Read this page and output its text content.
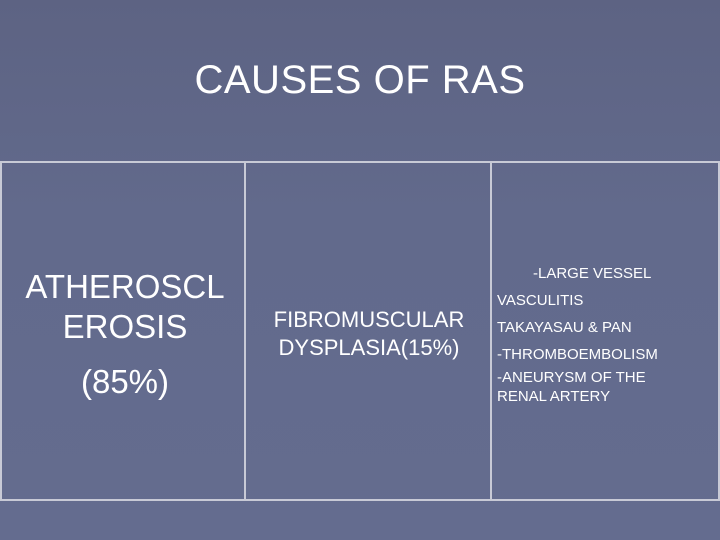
CAUSES OF RAS
ATHEROSCL
EROSIS
(85%)
FIBROMUSCULAR
DYSPLASIA(15%)
-LARGE VESSEL
VASCULITIS
TAKAYASAU & PAN
-THROMBOEMBOLISM
-ANEURYSM OF THE
RENAL ARTERY
